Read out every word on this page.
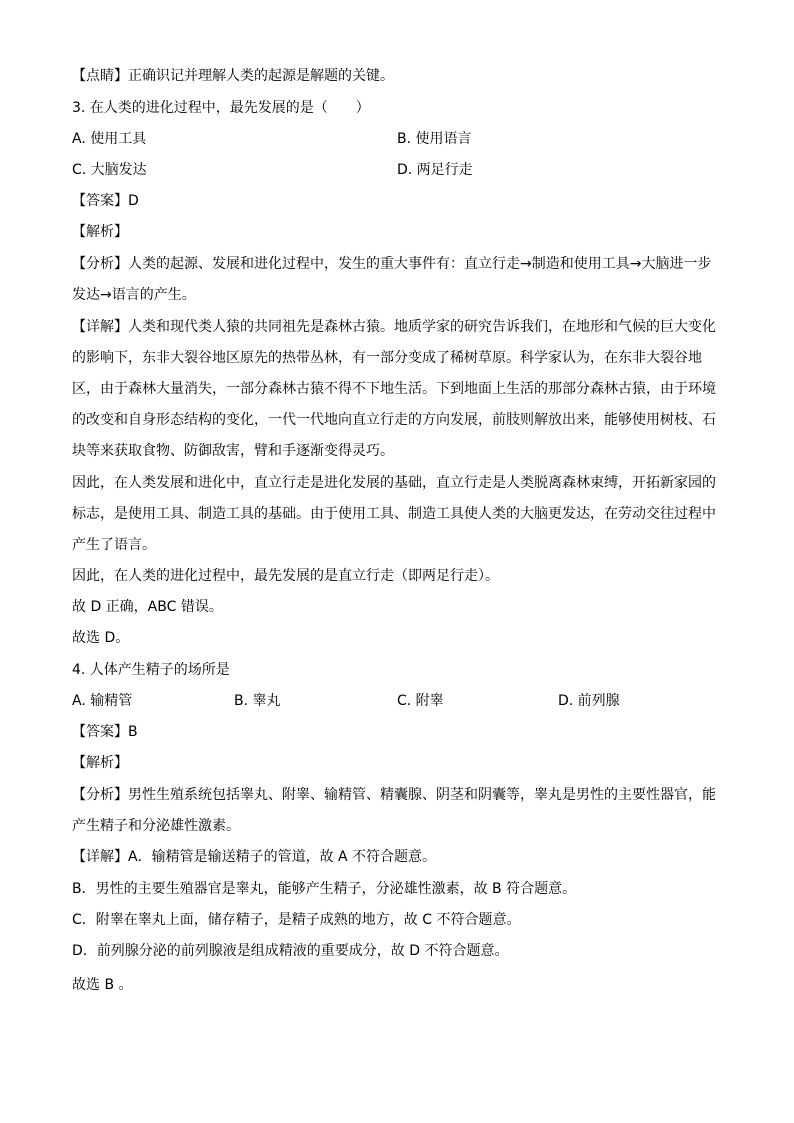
【点睛】正确识记并理解人类的起源是解题的关键。
3. 在人类的进化过程中，最先发展的是（　　）
A. 使用工具	B. 使用语言
C. 大脑发达	D. 两足行走
【答案】D
【解析】
【分析】人类的起源、发展和进化过程中，发生的重大事件有：直立行走→制造和使用工具→大脑进一步
发达→语言的产生。
【详解】人类和现代类人猿的共同祖先是森林古猿。地质学家的研究告诉我们，在地形和气候的巨大变化
的影响下，东非大裂谷地区原先的热带丛林，有一部分变成了稀树草原。科学家认为，在东非大裂谷地
区，由于森林大量消失，一部分森林古猿不得不下地生活。下到地面上生活的那部分森林古猿，由于环境
的改变和自身形态结构的变化，一代一代地向直立行走的方向发展，前肢则解放出来，能够使用树枝、石
块等来获取食物、防御敌害，臂和手逐渐变得灵巧。
因此，在人类发展和进化中，直立行走是进化发展的基础，直立行走是人类脱离森林束缚，开拓新家园的
标志，是使用工具、制造工具的基础。由于使用工具、制造工具使人类的大脑更发达，在劳动交往过程中
产生了语言。
因此，在人类的进化过程中，最先发展的是直立行走（即两足行走）。
故 D 正确，ABC 错误。
故选 D。
4. 人体产生精子的场所是
A. 输精管	B. 睾丸	C. 附睾	D. 前列腺
【答案】B
【解析】
【分析】男性生殖系统包括睾丸、附睾、输精管、精囊腺、阴茎和阴囊等，睾丸是男性的主要性器官，能
产生精子和分泌雄性激素。
【详解】A．输精管是输送精子的管道，故 A 不符合题意。
B．男性的主要生殖器官是睾丸，能够产生精子，分泌雄性激素，故 B 符合题意。
C．附睾在睾丸上面，储存精子，是精子成熟的地方，故 C 不符合题意。
D．前列腺分泌的前列腺液是组成精液的重要成分，故 D 不符合题意。
故选 B 。
